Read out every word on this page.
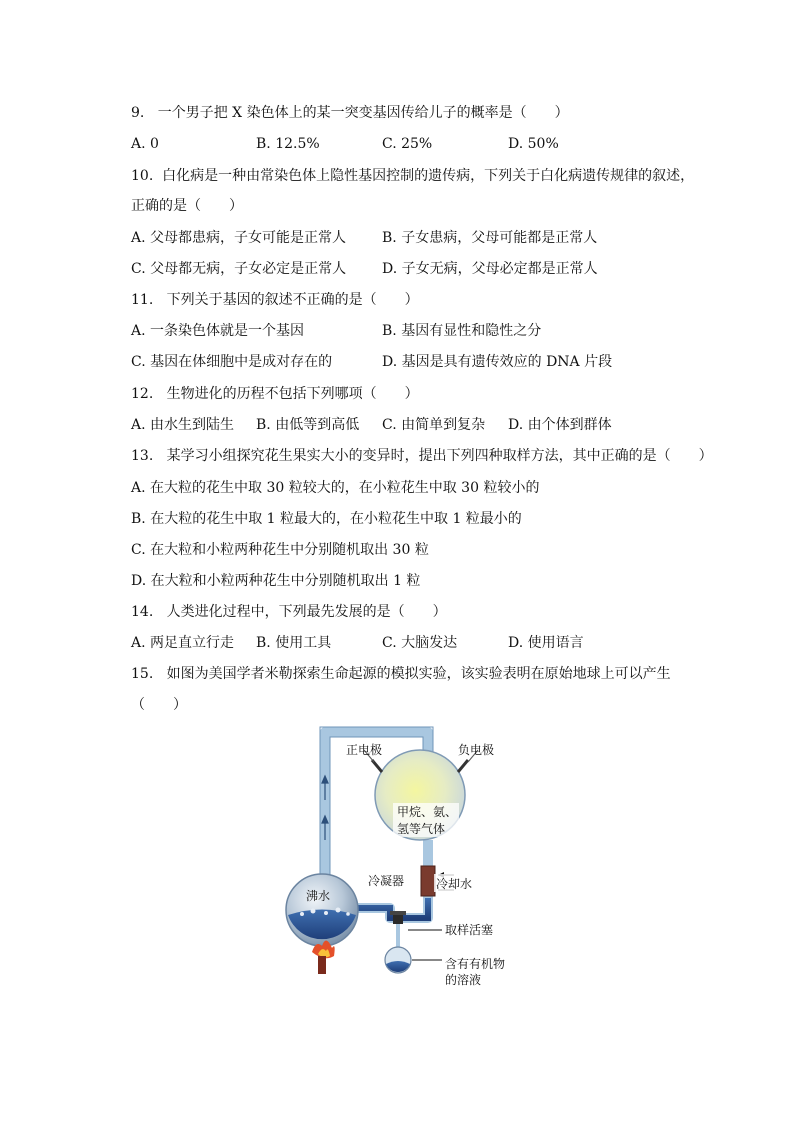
9. 一个男子把 X 染色体上的某一突变基因传给儿子的概率是（　　）
A. 0	B. 12.5%	C. 25%	D. 50%
10. 白化病是一种由常染色体上隐性基因控制的遗传病，下列关于白化病遗传规律的叙述，
正确的是（　　）
A. 父母都患病，子女可能是正常人	B. 子女患病，父母可能都是正常人
C. 父母都无病，子女必定是正常人	D. 子女无病，父母必定都是正常人
11. 下列关于基因的叙述不正确的是（　　）
A. 一条染色体就是一个基因	B. 基因有显性和隐性之分
C. 基因在体细胞中是成对存在的	D. 基因是具有遗传效应的 DNA 片段
12. 生物进化的历程不包括下列哪项（　　）
A. 由水生到陆生 B. 由低等到高低 C. 由简单到复杂 D. 由个体到群体
13. 某学习小组探究花生果实大小的变异时，提出下列四种取样方法，其中正确的是（　　）
A. 在大粒的花生中取 30 粒较大的，在小粒花生中取 30 粒较小的
B. 在大粒的花生中取 1 粒最大的，在小粒花生中取 1 粒最小的
C. 在大粒和小粒两种花生中分别随机取出 30 粒
D. 在大粒和小粒两种花生中分别随机取出 1 粒
14. 人类进化过程中，下列最先发展的是（　　）
A. 两足直立行走 B. 使用工具	C. 大脑发达	D. 使用语言
15. 如图为美国学者米勒探索生命起源的模拟实验，该实验表明在原始地球上可以产生
（　　）
正电极	负电极
甲烷、氨、
氢等气体
冷凝器	冷却水
沸水
取样活塞
含有有机物
的溶液
